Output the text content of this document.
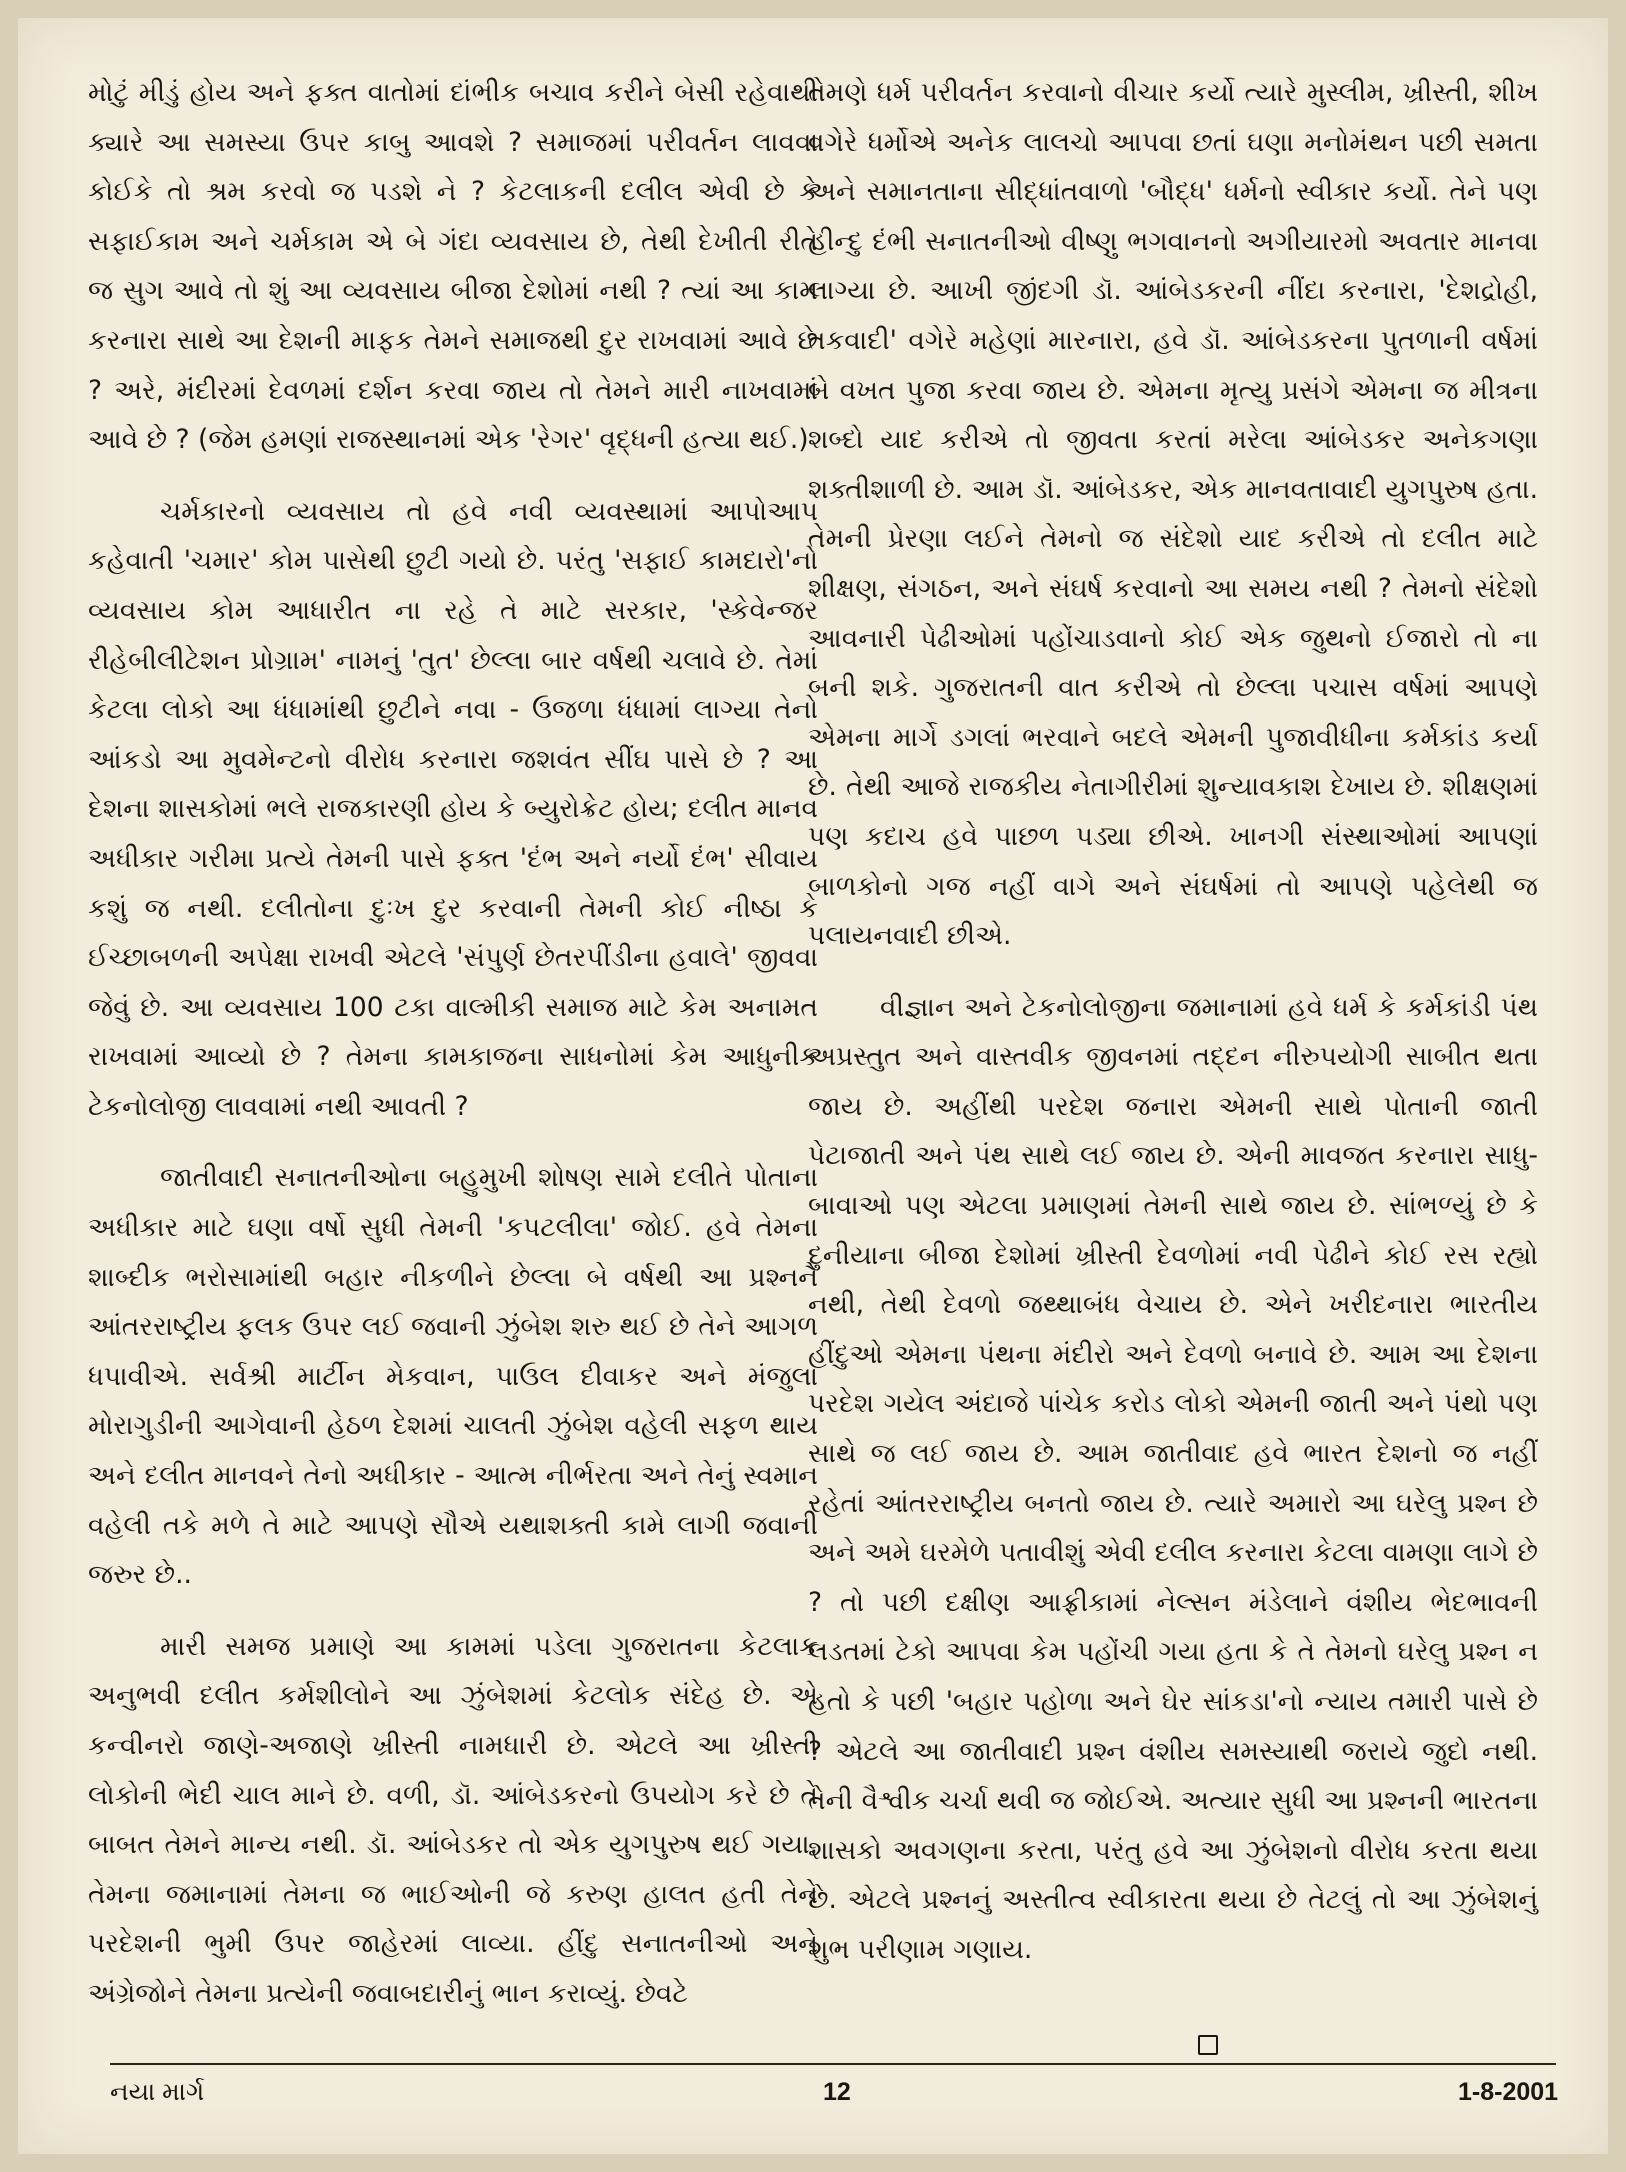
મોટું મીડું હોય અને ફક્ત વાતોમાં દાંભીક બચાવ કરીને બેસી રહેવાથી ક્યારે આ સમસ્યા ઉપર કાબુ આવશે ? સમાજમાં પરીવર્તન લાવવા કોઈકે તો શ્રમ કરવો જ પડશે ને ? કેટલાકની દલીલ એવી છે કે સફાઈકામ અને ચર્મકામ એ બે ગંદા વ્યવસાય છે, તેથી દેખીતી રીતે જ સુગ આવે તો શું આ વ્યવસાય બીજા દેશોમાં નથી ? ત્યાં આ કામ કરનારા સાથે આ દેશની માફક તેમને સમાજથી દુર રાખવામાં આવે છે ? અરે, મંદીરમાં દેવળમાં દર્શન કરવા જાય તો તેમને મારી નાખવામાં આવે છે ? (જેમ હમણાં રાજસ્થાનમાં એક 'રેગર' વૃદ્ધની હત્યા થઈ.)

ચર્મકારનો વ્યવસાય તો હવે નવી વ્યવસ્થામાં આપોઆપ કહેવાતી 'ચમાર' કોમ પાસેથી છુટી ગયો છે. પરંતુ 'સફાઈ કામદારો'નો વ્યવસાય કોમ આધારીત ના રહે તે માટે સરકાર, 'સ્કેવેન્જર રીહેબીલીટેશન પ્રોગ્રામ' નામનું 'તુત' છેલ્લા બાર વર્ષથી ચલાવે છે. તેમાં કેટલા લોકો આ ધંધામાંથી છુટીને નવા - ઉજળા ધંધામાં લાગ્યા તેનો આંકડો આ મુવમેન્ટનો વીરોધ કરનારા જશવંત સીંઘ પાસે છે ? આ દેશના શાસકોમાં ભલે રાજકારણી હોય કે બ્યુરોક્રેટ હોય; દલીત માનવ અધીકાર ગરીમા પ્રત્યે તેમની પાસે ફક્ત 'દંભ અને નર્યો દંભ' સીવાય કશું જ નથી. દલીતોના દુઃખ દુર કરવાની તેમની કોઈ નીષ્ઠા કે ઈચ્છાબળની અપેક્ષા રાખવી એટલે 'સંપુર્ણ છેતરપીંડીના હવાલે' જીવવા જેવું છે. આ વ્યવસાય 100 ટકા વાલ્મીકી સમાજ માટે કેમ અનામત રાખવામાં આવ્યો છે ? તેમના કામકાજના સાધનોમાં કેમ આધુનીક ટેકનોલોજી લાવવામાં નથી આવતી ?

જાતીવાદી સનાતનીઓના બહુમુખી શોષણ સામે દલીતે પોતાના અધીકાર માટે ઘણા વર્ષો સુધી તેમની 'કપટલીલા' જોઈ. હવે તેમના શાબ્દીક ભરોસામાંથી બહાર નીકળીને છેલ્લા બે વર્ષથી આ પ્રશ્નને આંતરરાષ્ટ્રીય ફલક ઉપર લઈ જવાની ઝુંબેશ શરુ થઈ છે તેને આગળ ધપાવીએ. સર્વશ્રી માર્ટીન મેકવાન, પાઉલ દીવાકર અને મંજુલા મોરાગુડીની આગેવાની હેઠળ દેશમાં ચાલતી ઝુંબેશ વહેલી સફળ થાય અને દલીત માનવને તેનો અધીકાર - આત્મ નીર્ભરતા અને તેનું સ્વમાન વહેલી તકે મળે તે માટે આપણે સૌએ યથાશક્તી કામે લાગી જવાની જરુર છે..

મારી સમજ પ્રમાણે આ કામમાં પડેલા ગુજરાતના કેટલાક અનુભવી દલીત કર્મશીલોને આ ઝુંબેશમાં કેટલોક સંદેહ છે. એ કન્વીનરો જાણે-અજાણે ખ્રીસ્તી નામધારી છે. એટલે આ ખ્રીસ્તી લોકોની ભેદી ચાલ માને છે. વળી, ડૉ. આંબેડકરનો ઉપયોગ કરે છે તે બાબત તેમને માન્ય નથી. ડૉ. આંબેડકર તો એક યુગપુરુષ થઈ ગયા. તેમના જમાનામાં તેમના જ ભાઈઓની જે કરુણ હાલત હતી તેને પરદેશની ભુમી ઉપર જાહેરમાં લાવ્યા. હીંદુ સનાતનીઓ અને અંગ્રેજોને તેમના પ્રત્યેની જવાબદારીનું ભાન કરાવ્યું. છેવટે

તેમણે ધર્મ પરીવર્તન કરવાનો વીચાર કર્યો ત્યારે મુસ્લીમ, ખ્રીસ્તી, શીખ વગેરે ધર્મોએ અનેક લાલચો આપવા છતાં ઘણા મનોમંથન પછી સમતા અને સમાનતાના સીદ્ધાંતવાળો 'બૌદ્ધ' ધર્મનો સ્વીકાર કર્યો. તેને પણ હીન્દુ દંભી સનાતનીઓ વીષ્ણુ ભગવાનનો અગીયારમો અવતાર માનવા લાગ્યા છે. આખી જીંદગી ડૉ. આંબેડકરની નીંદા કરનારા, 'દેશદ્રોહી, તકવાદી' વગેરે મહેણાં મારનારા, હવે ડૉ. આંબેડકરના પુતળાની વર્ષમાં બે વખત પુજા કરવા જાય છે. એમના મૃત્યુ પ્રસંગે એમના જ મીત્રના શબ્દો યાદ કરીએ તો જીવતા કરતાં મરેલા આંબેડકર અનેકગણા શક્તીશાળી છે. આમ ડૉ. આંબેડકર, એક માનવતાવાદી યુગપુરુષ હતા. તેમની પ્રેરણા લઈને તેમનો જ સંદેશો યાદ કરીએ તો દલીત માટે શીક્ષણ, સંગઠન, અને સંઘર્ષ કરવાનો આ સમય નથી ? તેમનો સંદેશો આવનારી પેઢીઓમાં પહોંચાડવાનો કોઈ એક જુથનો ઈજારો તો ના બની શકે. ગુજરાતની વાત કરીએ તો છેલ્લા પચાસ વર્ષમાં આપણે એમના માર્ગે ડગલાં ભરવાને બદલે એમની પુજાવીધીના કર્મકાંડ કર્યા છે. તેથી આજે રાજકીય નેતાગીરીમાં શુન્યાવકાશ દેખાય છે. શીક્ષણમાં પણ કદાચ હવે પાછળ પડ્યા છીએ. ખાનગી સંસ્થાઓમાં આપણાં બાળકોનો ગજ નહીં વાગે અને સંઘર્ષમાં તો આપણે પહેલેથી જ પલાયનવાદી છીએ.

વીજ્ઞાન અને ટેકનોલોજીના જમાનામાં હવે ધર્મ કે કર્મકાંડી પંથ અપ્રસ્તુત અને વાસ્તવીક જીવનમાં તદ્દન નીરુપયોગી સાબીત થતા જાય છે. અહીંથી પરદેશ જનારા એમની સાથે પોતાની જાતી પેટાજાતી અને પંથ સાથે લઈ જાય છે. એની માવજત કરનારા સાધુ-બાવાઓ પણ એટલા પ્રમાણમાં તેમની સાથે જાય છે. સાંભળ્યું છે કે દુનીયાના બીજા દેશોમાં ખ્રીસ્તી દેવળોમાં નવી પેઢીને કોઈ રસ રહ્યો નથી, તેથી દેવળો જથ્થાબંધ વેચાય છે. એને ખરીદનારા ભારતીય હીંદુઓ એમના પંથના મંદીરો અને દેવળો બનાવે છે. આમ આ દેશના પરદેશ ગયેલ અંદાજે પાંચેક કરોડ લોકો એમની જાતી અને પંથો પણ સાથે જ લઈ જાય છે. આમ જાતીવાદ હવે ભારત દેશનો જ નહીં રહેતાં આંતરરાષ્ટ્રીય બનતો જાય છે. ત્યારે અમારો આ ઘરેલુ પ્રશ્ન છે અને અમે ઘરમેળે પતાવીશું એવી દલીલ કરનારા કેટલા વામણા લાગે છે ? તો પછી દક્ષીણ આફ્રીકામાં નેલ્સન મંડેલાને વંશીય ભેદભાવની લડતમાં ટેકો આપવા કેમ પહોંચી ગયા હતા કે તે તેમનો ઘરેલુ પ્રશ્ન ન હતો કે પછી 'બહાર પહોળા અને ઘેર સાંકડા'નો ન્યાય તમારી પાસે છે ? એટલે આ જાતીવાદી પ્રશ્ન વંશીય સમસ્યાથી જરાયે જુદો નથી. તેની વૈશ્વીક ચર્ચા થવી જ જોઈએ. અત્યાર સુધી આ પ્રશ્નની ભારતના શાસકો અવગણના કરતા, પરંતુ હવે આ ઝુંબેશનો વીરોધ કરતા થયા છે. એટલે પ્રશ્નનું અસ્તીત્વ સ્વીકારતા થયા છે તેટલું તો આ ઝુંબેશનું શુભ પરીણામ ગણાય.

નયા માર્ગ	12	1-8-2001
